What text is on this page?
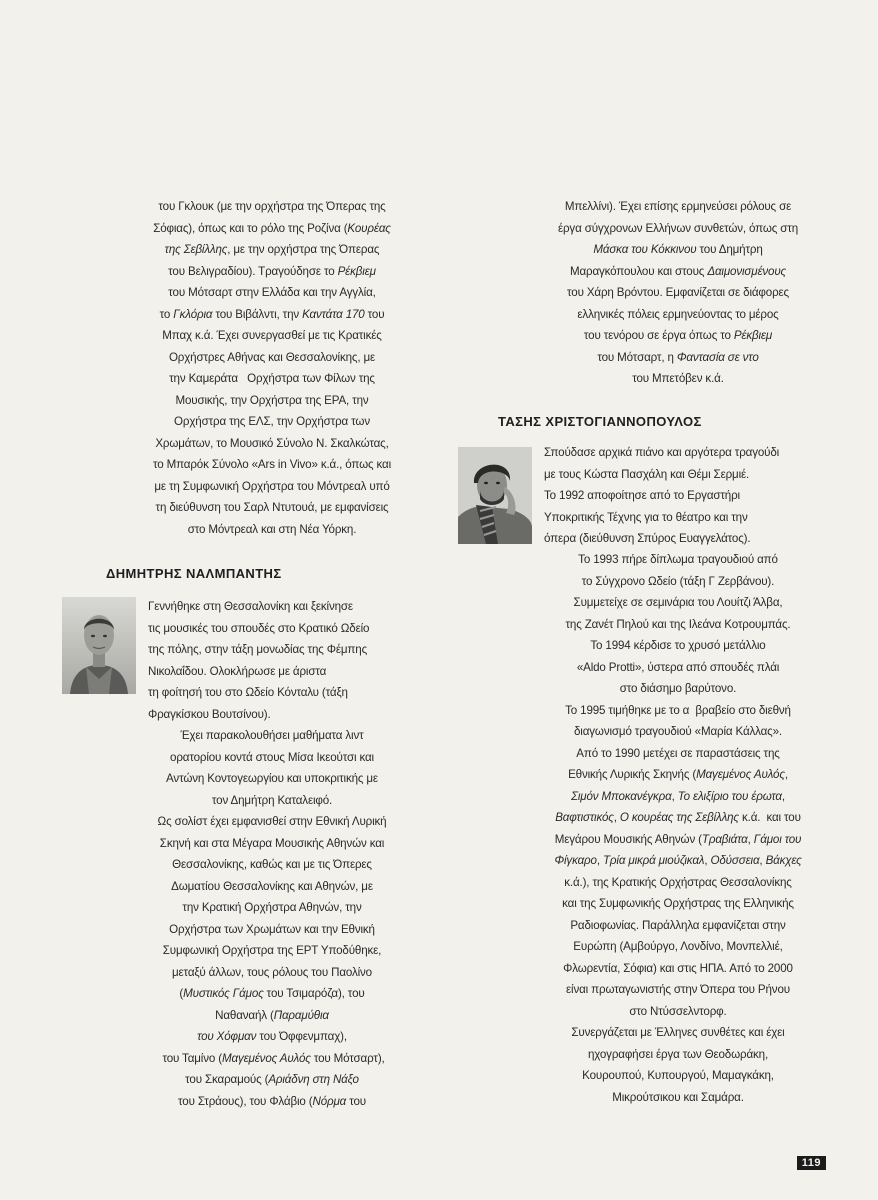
του Γκλουκ (με την ορχήστρα της Όπερας της
Σόφιας), όπως και το ρόλο της Ροζίνα (Κουρέας
της Σεβίλλης, με την ορχήστρα της Όπερας
του Βελιγραδίου). Τραγούδησε το Ρέκβιεμ
του Μότσαρτ στην Ελλάδα και την Αγγλία,
το Γκλόρια του Βιβάλντι, την Καντάτα 170 του
Μπαχ κ.ά. Έχει συνεργασθεί με τις Κρατικές
Ορχήστρες Αθήνας και Θεσσαλονίκης, με
την Καμεράτα   Ορχήστρα των Φίλων της
Μουσικής, την Ορχήστρα της ΕΡΑ, την
Ορχήστρα της ΕΛΣ, την Ορχήστρα των
Χρωμάτων, το Μουσικό Σύνολο Ν. Σκαλκώτας,
το Μπαρόκ Σύνολο «Ars in Vivo» κ.ά., όπως και
με τη Συμφωνική Ορχήστρα του Μόντρεαλ υπό
τη διεύθυνση του Σαρλ Ντυτουά, με εμφανίσεις
στο Μόντρεαλ και στη Νέα Υόρκη.
ΔΗΜΗΤΡΗΣ ΝΑΛΜΠΑΝΤΗΣ
Γεννήθηκε στη Θεσσαλονίκη και ξεκίνησε
τις μουσικές του σπουδές στο Κρατικό Ωδείο
της πόλης, στην τάξη μονωδίας της Φέμπης
Νικολαΐδου. Ολοκλήρωσε με άριστα
τη φοίτησή του στο Ωδείο Κόνταλυ (τάξη
Φραγκίσκου Βουτσίνου).
Έχει παρακολουθήσει μαθήματα λιντ
ορατορίου κοντά στους Μίσα Ικεούτσι και
Αντώνη Κοντογεωργίου και υποκριτικής με
τον Δημήτρη Καταλειφό.
Ως σολίστ έχει εμφανισθεί στην Εθνική Λυρική
Σκηνή και στα Μέγαρα Μουσικής Αθηνών και
Θεσσαλονίκης, καθώς και με τις Όπερες
Δωματίου Θεσσαλονίκης και Αθηνών, με
την Κρατική Ορχήστρα Αθηνών, την
Ορχήστρα των Χρωμάτων και την Εθνική
Συμφωνική Ορχήστρα της ΕΡΤ Υποδύθηκε,
μεταξύ άλλων, τους ρόλους του Παολίνο
(Μυστικός Γάμος του Τσιμαρόζα), του
Ναθαναήλ (Παραμύθια
του Χόφμαν του Όφφενμπαχ),
του Ταμίνο (Μαγεμένος Αυλός του Μότσαρτ),
του Σκαραμούς (Αριάδνη στη Νάξο
του Στράους), του Φλάβιο (Νόρμα του
Μπελλίνι). Έχει επίσης ερμηνεύσει ρόλους σε
έργα σύγχρονων Ελλήνων συνθετών, όπως στη
Μάσκα του Κόκκινου του Δημήτρη
Μαραγκόπουλου και στους Δαιμονισμένους
του Χάρη Βρόντου. Εμφανίζεται σε διάφορες
ελληνικές πόλεις ερμηνεύοντας το μέρος
του τενόρου σε έργα όπως το Ρέκβιεμ
του Μότσαρτ, η Φαντασία σε ντο
του Μπετόβεν κ.ά.
ΤΑΣΗΣ ΧΡΙΣΤΟΓΙΑΝΝΟΠΟΥΛΟΣ
Σπούδασε αρχικά πιάνο και αργότερα τραγούδι
με τους Κώστα Πασχάλη και Θέμι Σερμιέ.
Το 1992 αποφοίτησε από το Εργαστήρι
Υποκριτικής Τέχνης για το θέατρο και την
όπερα (διεύθυνση Σπύρος Ευαγγελάτος).
Το 1993 πήρε δίπλωμα τραγουδιού από
το Σύγχρονο Ωδείο (τάξη Γ Ζερβάνου).
Συμμετείχε σε σεμινάρια του Λουίτζι Άλβα,
της Ζανέτ Πηλού και της Ιλεάνα Κοτρουμπάς.
Το 1994 κέρδισε το χρυσό μετάλλιο
«Aldo Protti», ύστερα από σπουδές πλάι
στο διάσημο βαρύτονο.
Το 1995 τιμήθηκε με το α  βραβείο στο διεθνή
διαγωνισμό τραγουδιού «Μαρία Κάλλας».
Από το 1990 μετέχει σε παραστάσεις της
Εθνικής Λυρικής Σκηνής (Μαγεμένος Αυλός,
Σιμόν Μποκανέγκρα, Το ελιξίριο του έρωτα,
Βαφτιστικός, Ο κουρέας της Σεβίλλης κ.ά.  και του
Μεγάρου Μουσικής Αθηνών (Τραβιάτα, Γάμοι του
Φίγκαρο, Τρία μικρά μιούζικαλ, Οδύσσεια, Βάκχες
κ.ά.), της Κρατικής Ορχήστρας Θεσσαλονίκης
και της Συμφωνικής Ορχήστρας της Ελληνικής
Ραδιοφωνίας. Παράλληλα εμφανίζεται στην
Ευρώπη (Αμβούργο, Λονδίνο, Μονπελλιέ,
Φλωρεντία, Σόφια) και στις ΗΠΑ. Από το 2000
είναι πρωταγωνιστής στην Όπερα του Ρήνου
στο Ντύσσελντορφ.
Συνεργάζεται με Έλληνες συνθέτες και έχει
ηχογραφήσει έργα των Θεοδωράκη,
Κουρουπού, Κυπουργού, Μαμαγκάκη,
Μικρούτσικου και Σαμάρα.
119
